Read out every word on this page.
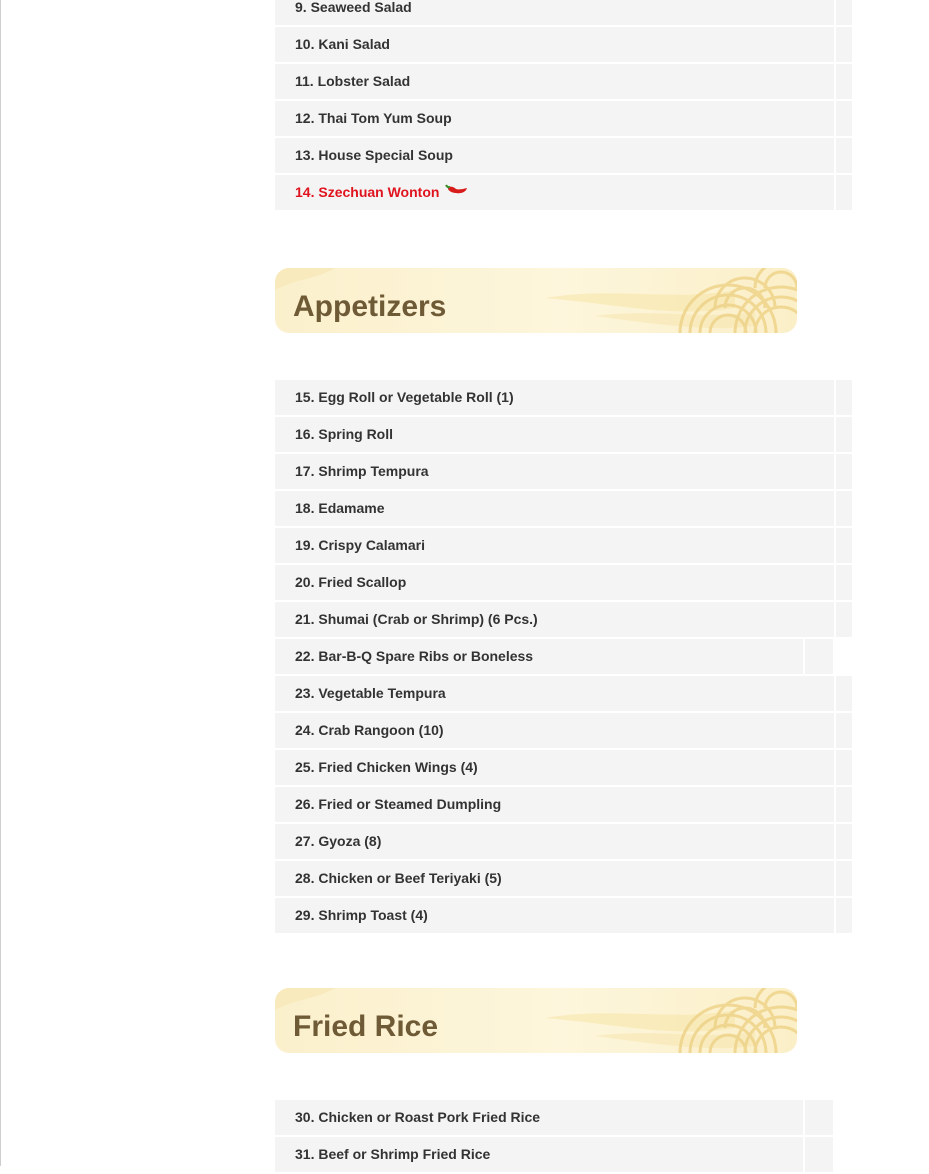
9. Seaweed Salad
10. Kani Salad
11. Lobster Salad
12. Thai Tom Yum Soup
13. House Special Soup
14. Szechuan Wonton
Appetizers
15. Egg Roll or Vegetable Roll (1)
16. Spring Roll
17. Shrimp Tempura
18. Edamame
19. Crispy Calamari
20. Fried Scallop
21. Shumai (Crab or Shrimp) (6 Pcs.)
22. Bar-B-Q Spare Ribs or Boneless
23. Vegetable Tempura
24. Crab Rangoon (10)
25. Fried Chicken Wings (4)
26. Fried or Steamed Dumpling
27. Gyoza (8)
28. Chicken or Beef Teriyaki (5)
29. Shrimp Toast (4)
Fried Rice
30. Chicken or Roast Pork Fried Rice
31. Beef or Shrimp Fried Rice
